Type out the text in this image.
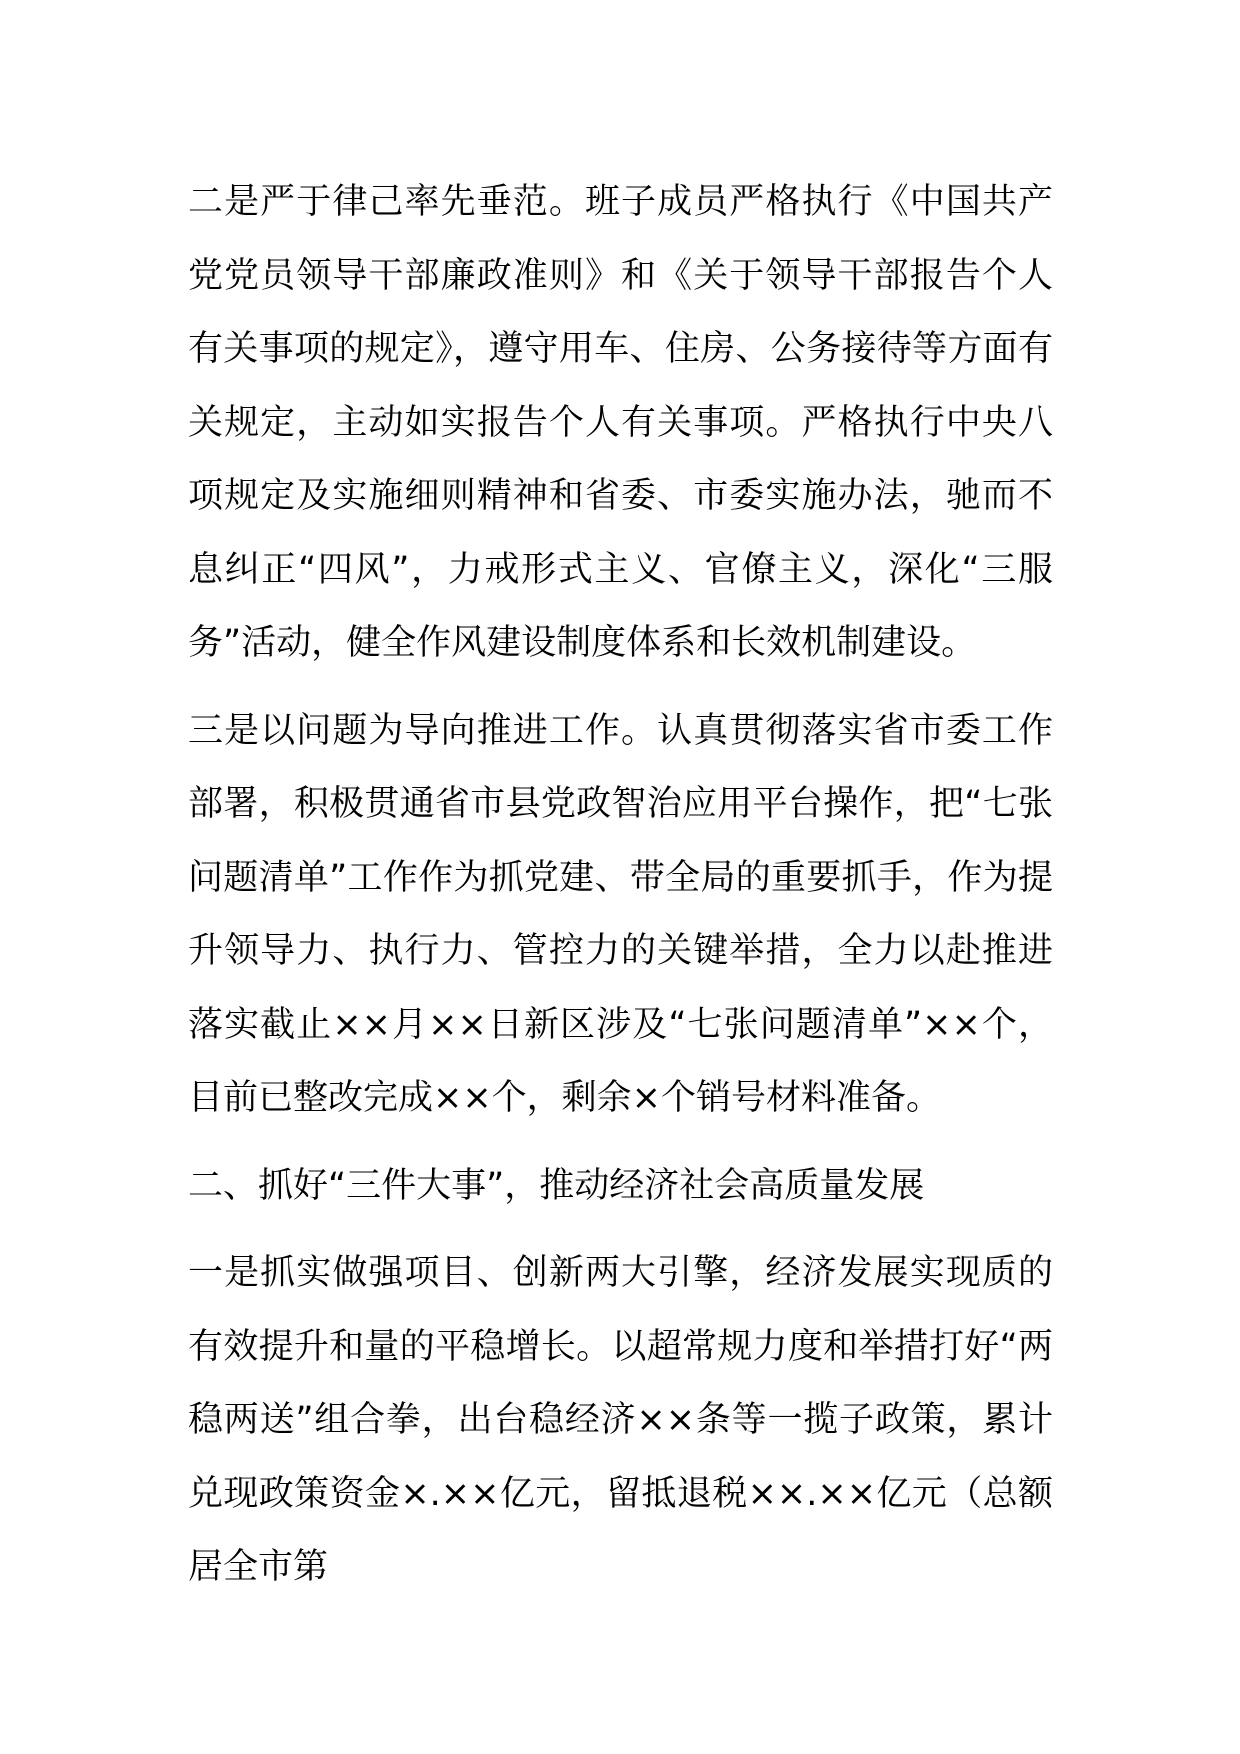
二是严于律己率先垂范。班子成员严格执行《中国共产党党员领导干部廉政准则》和《关于领导干部报告个人有关事项的规定》，遵守用车、住房、公务接待等方面有关规定，主动如实报告个人有关事项。严格执行中央八项规定及实施细则精神和省委、市委实施办法，驰而不息纠正“四风”，力戒形式主义、官僚主义，深化“三服务”活动，健全作风建设制度体系和长效机制建设。

三是以问题为导向推进工作。认真贯彻落实省市委工作部署，积极贯通省市县党政智治应用平台操作，把“七张问题清单”工作作为抓党建、带全局的重要抓手，作为提升领导力、执行力、管控力的关键举措，全力以赴推进落实截止××月××日新区涉及“七张问题清单”××个，目前已整改完成××个，剩余×个销号材料准备。

二、抓好“三件大事”，推动经济社会高质量发展

一是抓实做强项目、创新两大引擎，经济发展实现质的有效提升和量的平稳增长。以超常规力度和举措打好“两稳两送”组合拳，出台稳经济××条等一揽子政策，累计兑现政策资金×.××亿元，留抵退税××.××亿元（总额居全市第
